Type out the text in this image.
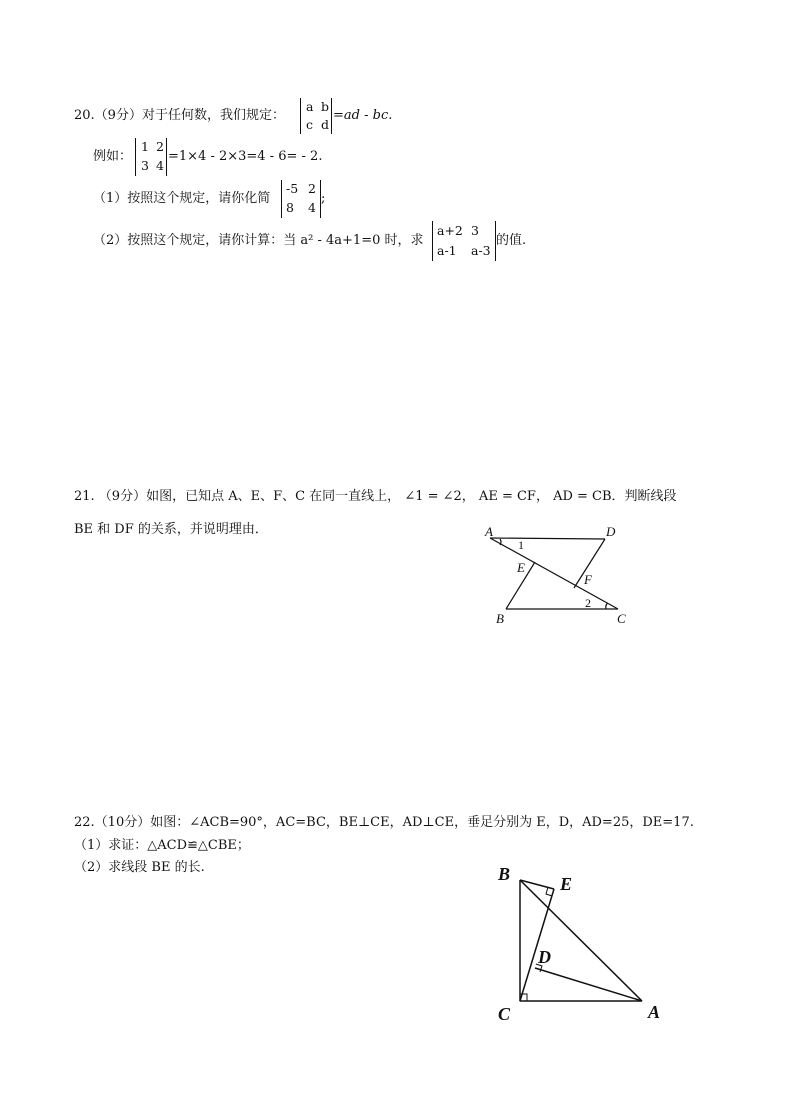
20.（9分）对于任何数，我们规定：
a b
c d
=ad - bc.
例如：
1 2
3 4
=1×4 - 2×3=4 - 6= - 2.
（1）按照这个规定，请你化简
-5 2
8 4
;
（2）按照这个规定，请你计算：当 a² - 4a+1=0 时，求
a+2 3
a-1 a-3
的值.
21. （9分）如图，已知点 A、E、F、C 在同一直线上， ∠1 = ∠2， AE = CF， AD = CB．判断线段
BE 和 DF 的关系，并说明理由．	A	D
E
F
B	C
1
2
22.（10分）如图：∠ACB=90°，AC=BC，BE⊥CE，AD⊥CE，垂足分别为 E，D，AD=25，DE=17.
（1）求证：△ACD≌△CBE；
（2）求线段 BE 的长.	B	E
D
C	A
